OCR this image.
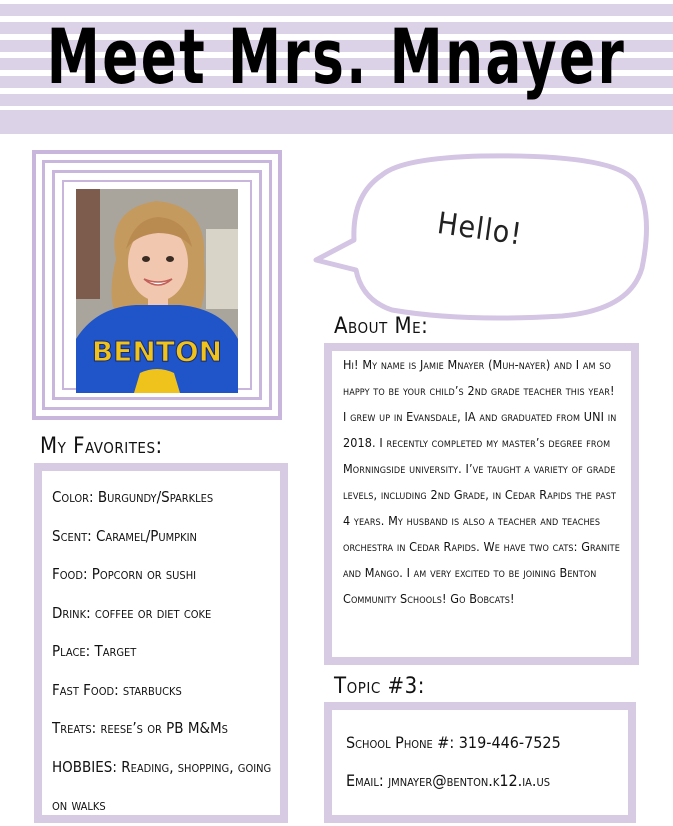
Meet Mrs. Mnayer
BENTON
Hello!
About Me:
Hi! My name is Jamie Mnayer (Muh-nayer) and I am so happy to be your child’s 2nd grade teacher this year! I grew up in Evansdale, IA and graduated from UNI in 2018. I recently completed my master’s degree from Morningside university. I’ve taught a variety of grade levels, including 2nd Grade, in Cedar Rapids the past 4 years. My husband is also a teacher and teaches orchestra in Cedar Rapids. We have two cats: Granite and Mango. I am very excited to be joining Benton Community Schools! Go Bobcats!
My Favorites:
Color: Burgundy/Sparkles
Scent: Caramel/Pumpkin
Food: Popcorn or sushi
Drink: coffee or diet coke
Place: Target
Fast Food: starbucks
Treats: reese’s or PB M&Ms
HOBBIES: Reading, shopping, going on walks
Topic #3:
School Phone #: 319-446-7525
Email: jmnayer@benton.k12.ia.us
